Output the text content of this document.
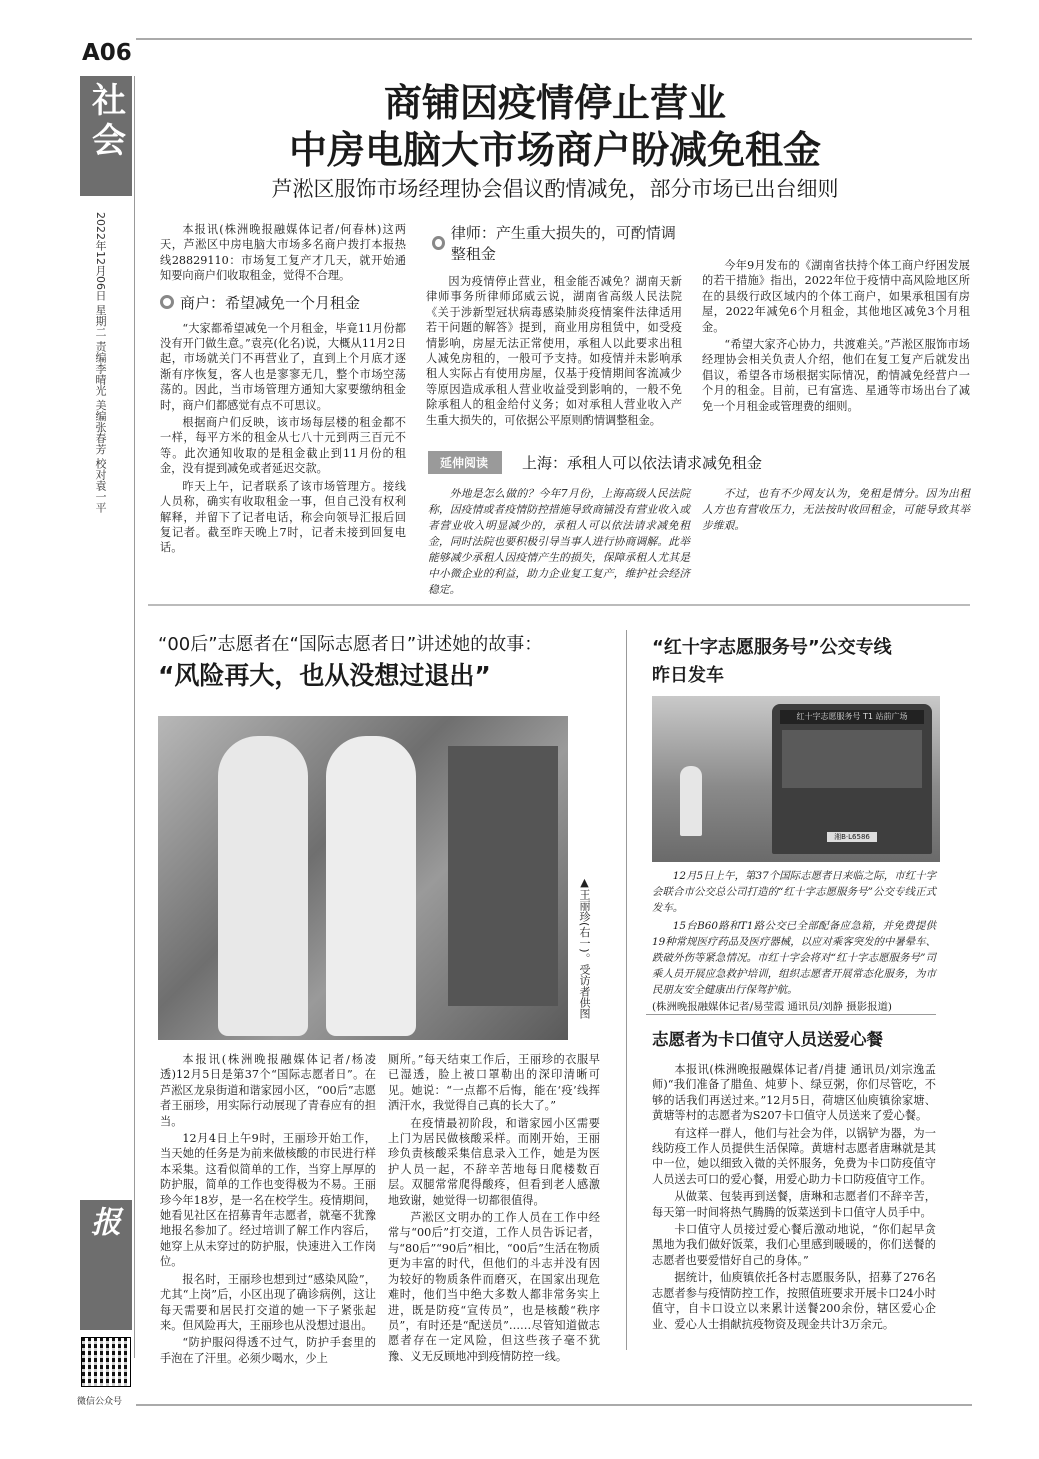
A06
社会
2022年12月06日 星期二 责编李晴光 美编张春芳 校对袁一平
株洲晚报
微信公众号
商铺因疫情停止营业
中房电脑大市场商户盼减免租金
芦淞区服饰市场经理协会倡议酌情减免，部分市场已出台细则

本报讯(株洲晚报融媒体记者/何春林)这两天，芦淞区中房电脑大市场多名商户拨打本报热线28829110：市场复工复产才几天，就开始通知要向商户们收取租金，觉得不合理。

商户：希望减免一个月租金

“大家都希望减免一个月租金，毕竟11月份都没有开门做生意。”袁亮(化名)说，大概从11月2日起，市场就关门不再营业了，直到上个月底才逐渐有序恢复，客人也是寥寥无几，整个市场空荡荡的。因此，当市场管理方通知大家要缴纳租金时，商户们都感觉有点不可思议。

根据商户们反映，该市场每层楼的租金都不一样，每平方米的租金从七八十元到两三百元不等。此次通知收取的是租金截止到11月份的租金，没有提到减免或者延迟交款。

昨天上午，记者联系了该市场管理方。接线人员称，确实有收取租金一事，但自己没有权利解释，并留下了记者电话，称会向领导汇报后回复记者。截至昨天晚上7时，记者未接到回复电话。

律师：产生重大损失的，可酌情调整租金

因为疫情停止营业，租金能否减免？湖南天新律师事务所律师邱威云说，湖南省高级人民法院《关于涉新型冠状病毒感染肺炎疫情案件法律适用若干问题的解答》提到，商业用房租赁中，如受疫情影响，房屋无法正常使用，承租人以此要求出租人减免房租的，一般可予支持。如疫情并未影响承租人实际占有使用房屋，仅基于疫情期间客流减少等原因造成承租人营业收益受到影响的，一般不免除承租人的租金给付义务；如对承租人营业收入产生重大损失的，可依据公平原则酌情调整租金。

今年9月发布的《湖南省扶持个体工商户纾困发展的若干措施》指出，2022年位于疫情中高风险地区所在的县级行政区域内的个体工商户，如果承租国有房屋，2022年减免6个月租金，其他地区减免3个月租金。

“希望大家齐心协力，共渡难关。”芦淞区服饰市场经理协会相关负责人介绍，他们在复工复产后就发出倡议，希望各市场根据实际情况，酌情减免经营户一个月的租金。目前，已有富选、星通等市场出台了减免一个月租金或管理费的细则。

延伸阅读	上海：承租人可以依法请求减免租金

外地是怎么做的？今年7月份，上海高级人民法院称，因疫情或者疫情防控措施导致商铺没有营业收入或者营业收入明显减少的，承租人可以依法请求减免租金，同时法院也要积极引导当事人进行协商调解。此举能够减少承租人因疫情产生的损失，保障承租人尤其是中小微企业的利益，助力企业复工复产，维护社会经济稳定。

不过，也有不少网友认为，免租是情分。因为出租人方也有营收压力，无法按时收回租金，可能导致其举步维艰。

“00后”志愿者在“国际志愿者日”讲述她的故事：
“风险再大，也从没想过退出”
▲王丽珍(右一)。受访者供图

本报讯(株洲晚报融媒体记者/杨凌透)12月5日是第37个“国际志愿者日”。在芦淞区龙泉街道和谐家园小区，“00后”志愿者王丽珍，用实际行动展现了青春应有的担当。

12月4日上午9时，王丽珍开始工作，当天她的任务是为前来做核酸的市民进行样本采集。这看似简单的工作，当穿上厚厚的防护服，简单的工作也变得极为不易。王丽珍今年18岁，是一名在校学生。疫情期间，她看见社区在招募青年志愿者，就毫不犹豫地报名参加了。经过培训了解工作内容后，她穿上从未穿过的防护服，快速进入工作岗位。

报名时，王丽珍也想到过“感染风险”，尤其“上岗”后，小区出现了确诊病例，这让每天需要和居民打交道的她一下子紧张起来。但风险再大，王丽珍也从没想过退出。

“防护服闷得透不过气，防护手套里的手泡在了汗里。必须少喝水，少上

厕所。”每天结束工作后，王丽珍的衣服早已湿透，脸上被口罩勒出的深印清晰可见。她说：“一点都不后悔，能在‘疫’线挥洒汗水，我觉得自己真的长大了。”

在疫情最初阶段，和谐家园小区需要上门为居民做核酸采样。而刚开始，王丽珍负责核酸采集信息录入工作，她是为医护人员一起，不辞辛苦地每日爬楼数百层。双腿常常爬得酸疼，但看到老人感激地致谢，她觉得一切都很值得。

芦淞区文明办的工作人员在工作中经常与“00后”打交道，工作人员告诉记者，与“80后”“90后”相比，“00后”生活在物质更为丰富的时代，但他们的斗志并没有因为较好的物质条件而磨灭，在国家出现危难时，他们当中绝大多数人都非常务实上进，既是防疫“宣传员”，也是核酸“秩序员”，有时还是“配送员”……尽管知道做志愿者存在一定风险，但这些孩子毫不犹豫、义无反顾地冲到疫情防控一线。

“红十字志愿服务号”公交专线
昨日发车
红十字志愿服务号 T1 站前广场
湘B·L6586

12月5日上午，第37个国际志愿者日来临之际，市红十字会联合市公交总公司打造的“红十字志愿服务号”公交专线正式发车。

15台B60路和T1路公交已全部配备应急箱，并免费提供19种常规医疗药品及医疗器械，以应对乘客突发的中暑晕车、跌破外伤等紧急情况。市红十字会将对“红十字志愿服务号”司乘人员开展应急救护培训，组织志愿者开展常态化服务，为市民朋友安全健康出行保驾护航。

(株洲晚报融媒体记者/易莹霞 通讯员/刘静 摄影报道)

志愿者为卡口值守人员送爱心餐

本报讯(株洲晚报融媒体记者/肖捷 通讯员/刘宗逸孟师)“我们准备了腊鱼、炖萝卜、绿豆粥，你们尽管吃，不够的话我们再送过来。”12月5日，荷塘区仙庾镇徐家塘、黄塘等村的志愿者为S207卡口值守人员送来了爱心餐。

有这样一群人，他们与社会为伴，以锅铲为器，为一线防疫工作人员提供生活保障。黄塘村志愿者唐琳就是其中一位，她以细致入微的关怀服务，免费为卡口防疫值守人员送去可口的爱心餐，用爱心助力卡口防疫值守工作。

从做菜、包装再到送餐，唐琳和志愿者们不辞辛苦，每天第一时间将热气腾腾的饭菜送到卡口值守人员手中。

卡口值守人员接过爱心餐后激动地说，“你们起早贪黑地为我们做好饭菜，我们心里感到暖暖的，你们送餐的志愿者也要爱惜好自己的身体。”

据统计，仙庾镇依托各村志愿服务队，招募了276名志愿者参与疫情防控工作，按照值班要求开展卡口24小时值守，自卡口设立以来累计送餐200余份，辖区爱心企业、爱心人士捐献抗疫物资及现金共计3万余元。
